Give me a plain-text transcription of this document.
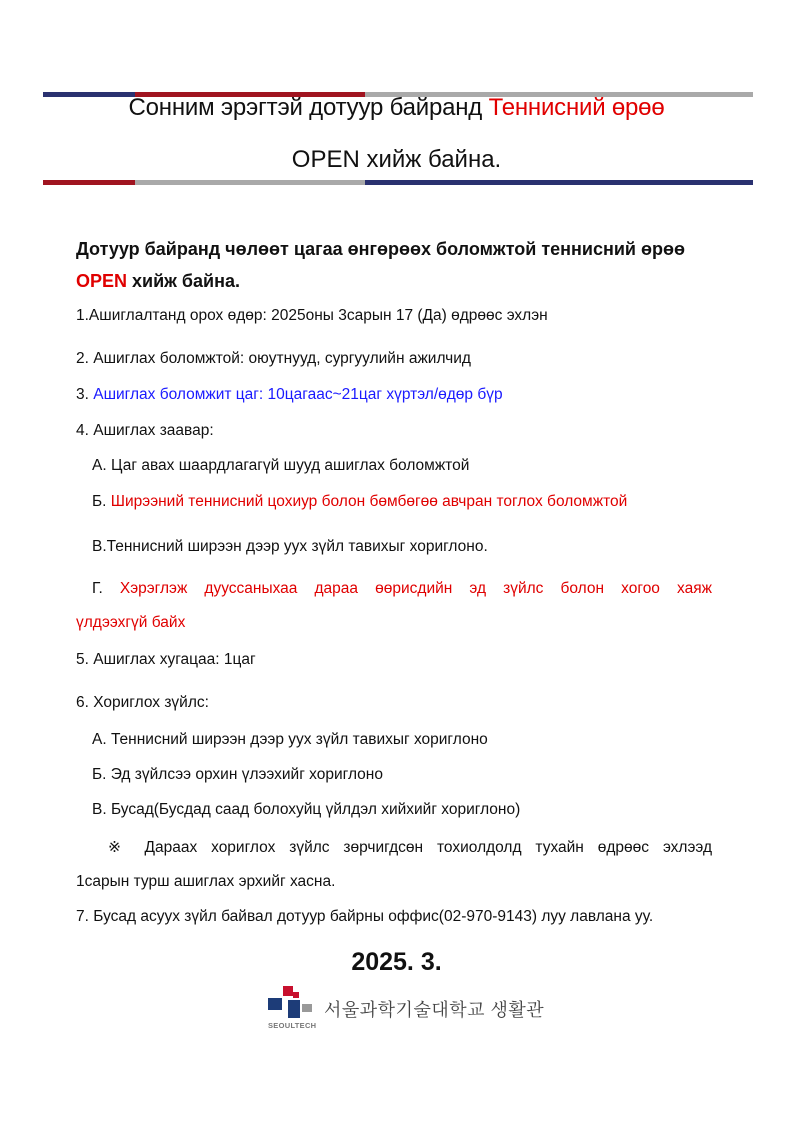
Сонним эрэгтэй дотуур байранд Теннисний өрөө
OPEN хийж байна.
Дотуур байранд чөлөөт цагаа өнгөрөөх боломжтой теннисний өрөө
OPEN хийж байна.
1.Ашиглалтанд орох өдөр: 2025оны 3сарын 17 (Да) өдрөөс эхлэн
2. Ашиглах боломжтой: оюутнууд, сургуулийн ажилчид
3. Ашиглах боломжит цаг: 10цагаас~21цаг хүртэл/өдөр бүр
4. Ашиглах заавар:
А. Цаг авах шаардлагагүй шууд ашиглах боломжтой
Б. Ширээний теннисний цохиур болон бөмбөгөө авчран тоглох боломжтой
В.Теннисний ширээн дээр уух зүйл тавихыг хориглоно.
Г. Хэрэглэж дууссаныхаа дараа өөрисдийн эд зүйлс болон хогоо хаяж
үлдээхгүй байх
5. Ашиглах хугацаа: 1цаг
6. Хориглох зүйлс:
А. Теннисний ширээн дээр уух зүйл тавихыг хориглоно
Б. Эд зүйлсээ орхин үлээхийг хориглоно
В. Бусад(Бусдад саад болохуйц үйлдэл хийхийг хориглоно)
※ Дараах хориглох зүйлс зөрчигдсөн тохиолдолд тухайн өдрөөс эхлээд
1сарын турш ашиглах эрхийг хасна.
7. Бусад асуух зүйл байвал дотуур байрны оффис(02-970-9143) луу лавлана уу.
2025. 3.
SEOULTECH
서울과학기술대학교 생활관
